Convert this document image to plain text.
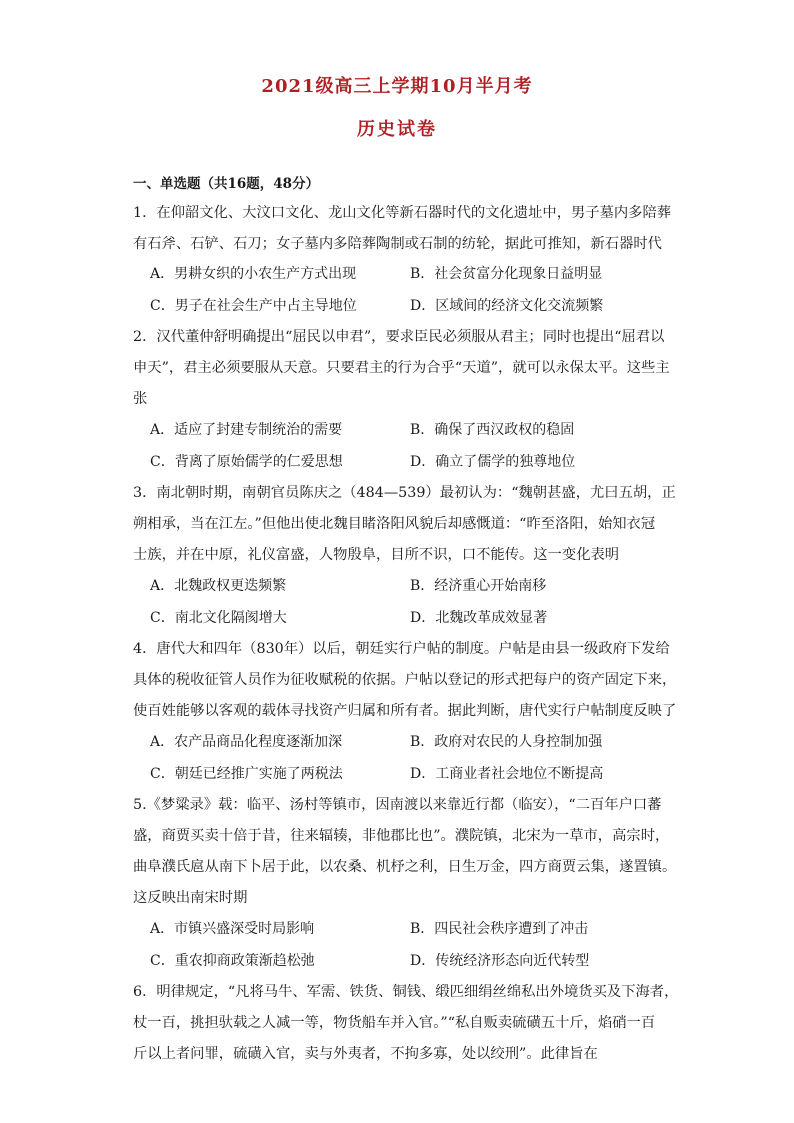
2021级高三上学期10月半月考
历史试卷
一、单选题（共16题，48分）
1．在仰韶文化、大汶口文化、龙山文化等新石器时代的文化遗址中，男子墓内多陪葬
有石斧、石铲、石刀；女子墓内多陪葬陶制或石制的纺轮，据此可推知，新石器时代
A．男耕女织的小农生产方式出现	B．社会贫富分化现象日益明显
C．男子在社会生产中占主导地位	D．区域间的经济文化交流频繁
2．汉代董仲舒明确提出“屈民以申君”，要求臣民必须服从君主；同时也提出“屈君以
申天”，君主必须要服从天意。只要君主的行为合乎“天道”，就可以永保太平。这些主
张
A．适应了封建专制统治的需要	B．确保了西汉政权的稳固
C．背离了原始儒学的仁爱思想	D．确立了儒学的独尊地位
3．南北朝时期，南朝官员陈庆之（484—539）最初认为：“魏朝甚盛，尤曰五胡，正
朔相承，当在江左。”但他出使北魏目睹洛阳风貌后却感慨道：“昨至洛阳，始知衣冠
士族，并在中原，礼仪富盛，人物殷阜，目所不识，口不能传。这一变化表明
A．北魏政权更迭频繁	B．经济重心开始南移
C．南北文化隔阂增大	D．北魏改革成效显著
4．唐代大和四年（830年）以后，朝廷实行户帖的制度。户帖是由县一级政府下发给
具体的税收征管人员作为征收赋税的依据。户帖以登记的形式把每户的资产固定下来，
使百姓能够以客观的载体寻找资产归属和所有者。据此判断，唐代实行户帖制度反映了
A．农产品商品化程度逐渐加深	B．政府对农民的人身控制加强
C．朝廷已经推广实施了两税法	D．工商业者社会地位不断提高
5.《梦粱录》载：临平、汤村等镇市，因南渡以来靠近行都（临安），“二百年户口蕃
盛，商贾买卖十倍于昔，往来辐辏，非他郡比也”。濮院镇，北宋为一草市，高宗时，
曲阜濮氏扈从南下卜居于此，以农桑、机杼之利，日生万金，四方商贾云集，遂置镇。
这反映出南宋时期
A．市镇兴盛深受时局影响	B．四民社会秩序遭到了冲击
C．重农抑商政策渐趋松弛	D．传统经济形态向近代转型
6．明律规定，“凡将马牛、军需、铁货、铜钱、缎匹细绢丝绵私出外境货买及下海者，
杖一百，挑担驮载之人减一等，物货船车并入官。”“私自贩卖硫磺五十斤，焰硝一百
斤以上者问罪，硫磺入官，卖与外夷者，不拘多寡，处以绞刑”。此律旨在
